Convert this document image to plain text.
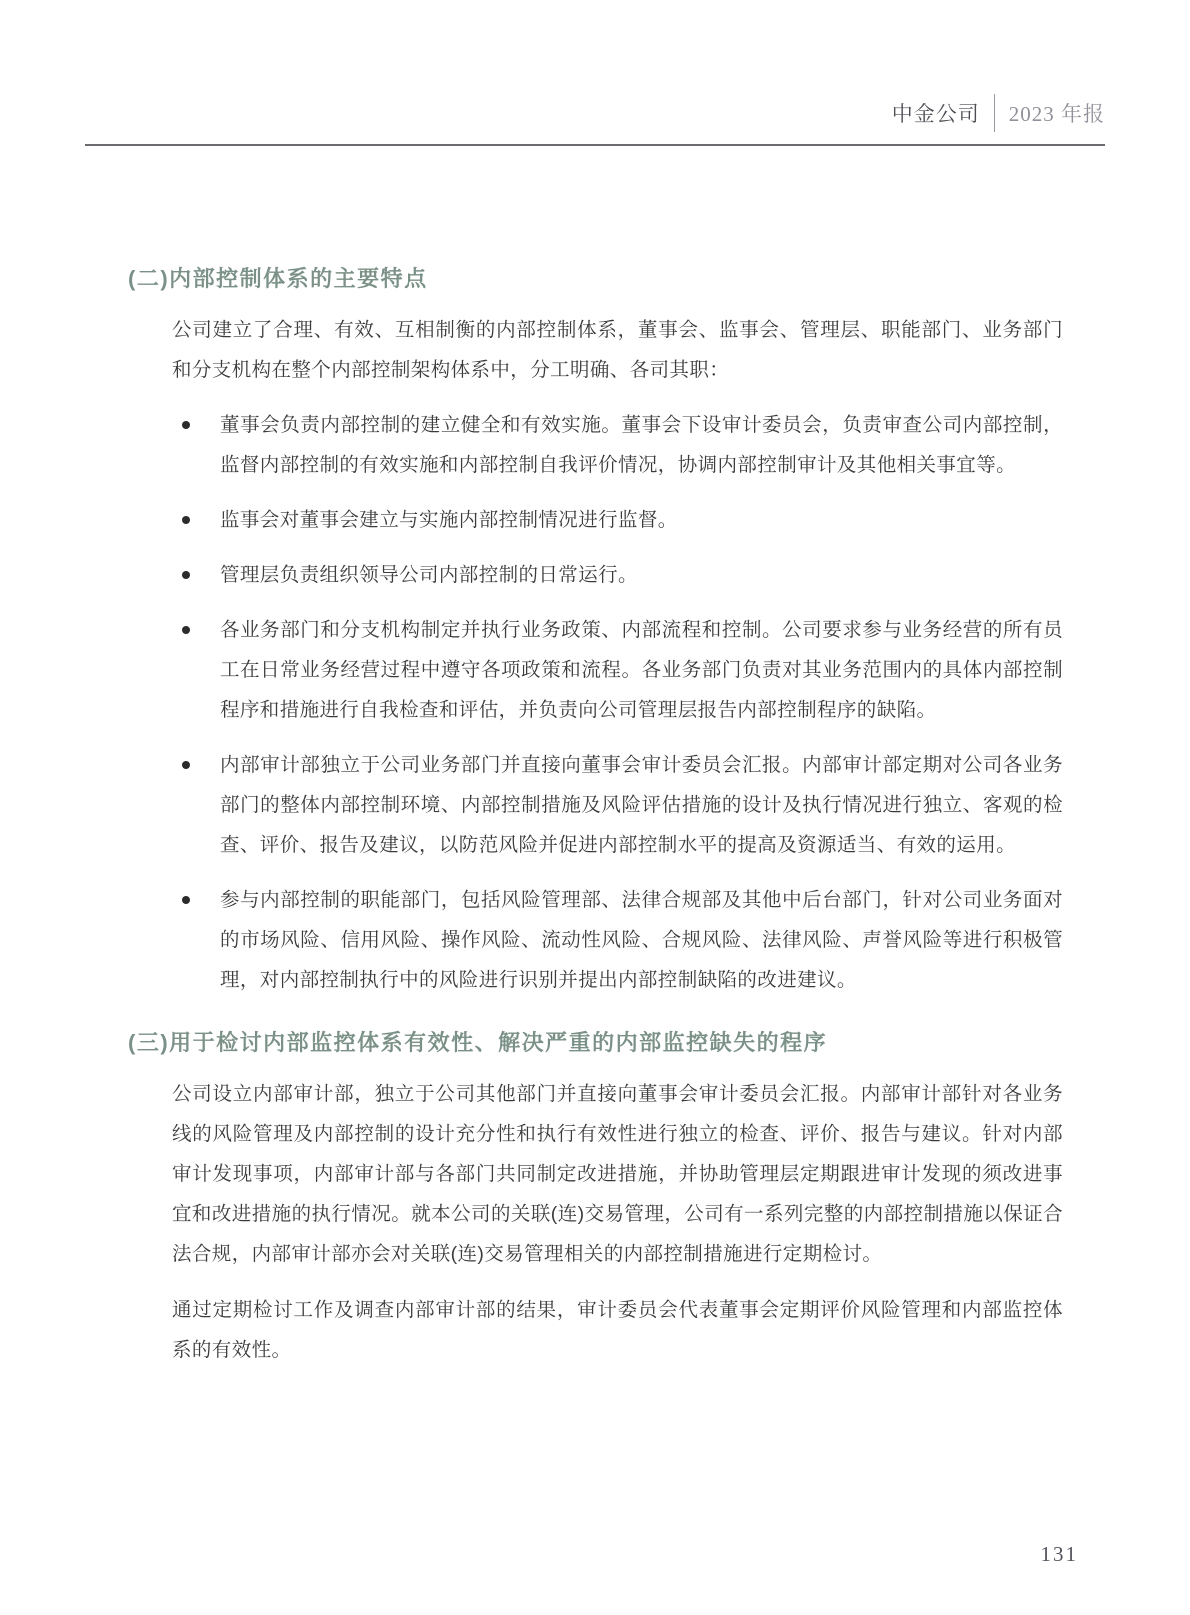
中金公司 2023 年报
(二)内部控制体系的主要特点

公司建立了合理、有效、互相制衡的内部控制体系，董事会、监事会、管理层、职能部门、业务部门和分支机构在整个内部控制架构体系中，分工明确、各司其职：

董事会负责内部控制的建立健全和有效实施。董事会下设审计委员会，负责审查公司内部控制，监督内部控制的有效实施和内部控制自我评价情况，协调内部控制审计及其他相关事宜等。
监事会对董事会建立与实施内部控制情况进行监督。
管理层负责组织领导公司内部控制的日常运行。
各业务部门和分支机构制定并执行业务政策、内部流程和控制。公司要求参与业务经营的所有员工在日常业务经营过程中遵守各项政策和流程。各业务部门负责对其业务范围内的具体内部控制程序和措施进行自我检查和评估，并负责向公司管理层报告内部控制程序的缺陷。
内部审计部独立于公司业务部门并直接向董事会审计委员会汇报。内部审计部定期对公司各业务部门的整体内部控制环境、内部控制措施及风险评估措施的设计及执行情况进行独立、客观的检查、评价、报告及建议，以防范风险并促进内部控制水平的提高及资源适当、有效的运用。
参与内部控制的职能部门，包括风险管理部、法律合规部及其他中后台部门，针对公司业务面对的市场风险、信用风险、操作风险、流动性风险、合规风险、法律风险、声誉风险等进行积极管理，对内部控制执行中的风险进行识别并提出内部控制缺陷的改进建议。
(三)用于检讨内部监控体系有效性、解决严重的内部监控缺失的程序

公司设立内部审计部，独立于公司其他部门并直接向董事会审计委员会汇报。内部审计部针对各业务线的风险管理及内部控制的设计充分性和执行有效性进行独立的检查、评价、报告与建议。针对内部审计发现事项，内部审计部与各部门共同制定改进措施，并协助管理层定期跟进审计发现的须改进事宜和改进措施的执行情况。就本公司的关联(连)交易管理，公司有一系列完整的内部控制措施以保证合法合规，内部审计部亦会对关联(连)交易管理相关的内部控制措施进行定期检讨。

通过定期检讨工作及调查内部审计部的结果，审计委员会代表董事会定期评价风险管理和内部监控体系的有效性。

131
